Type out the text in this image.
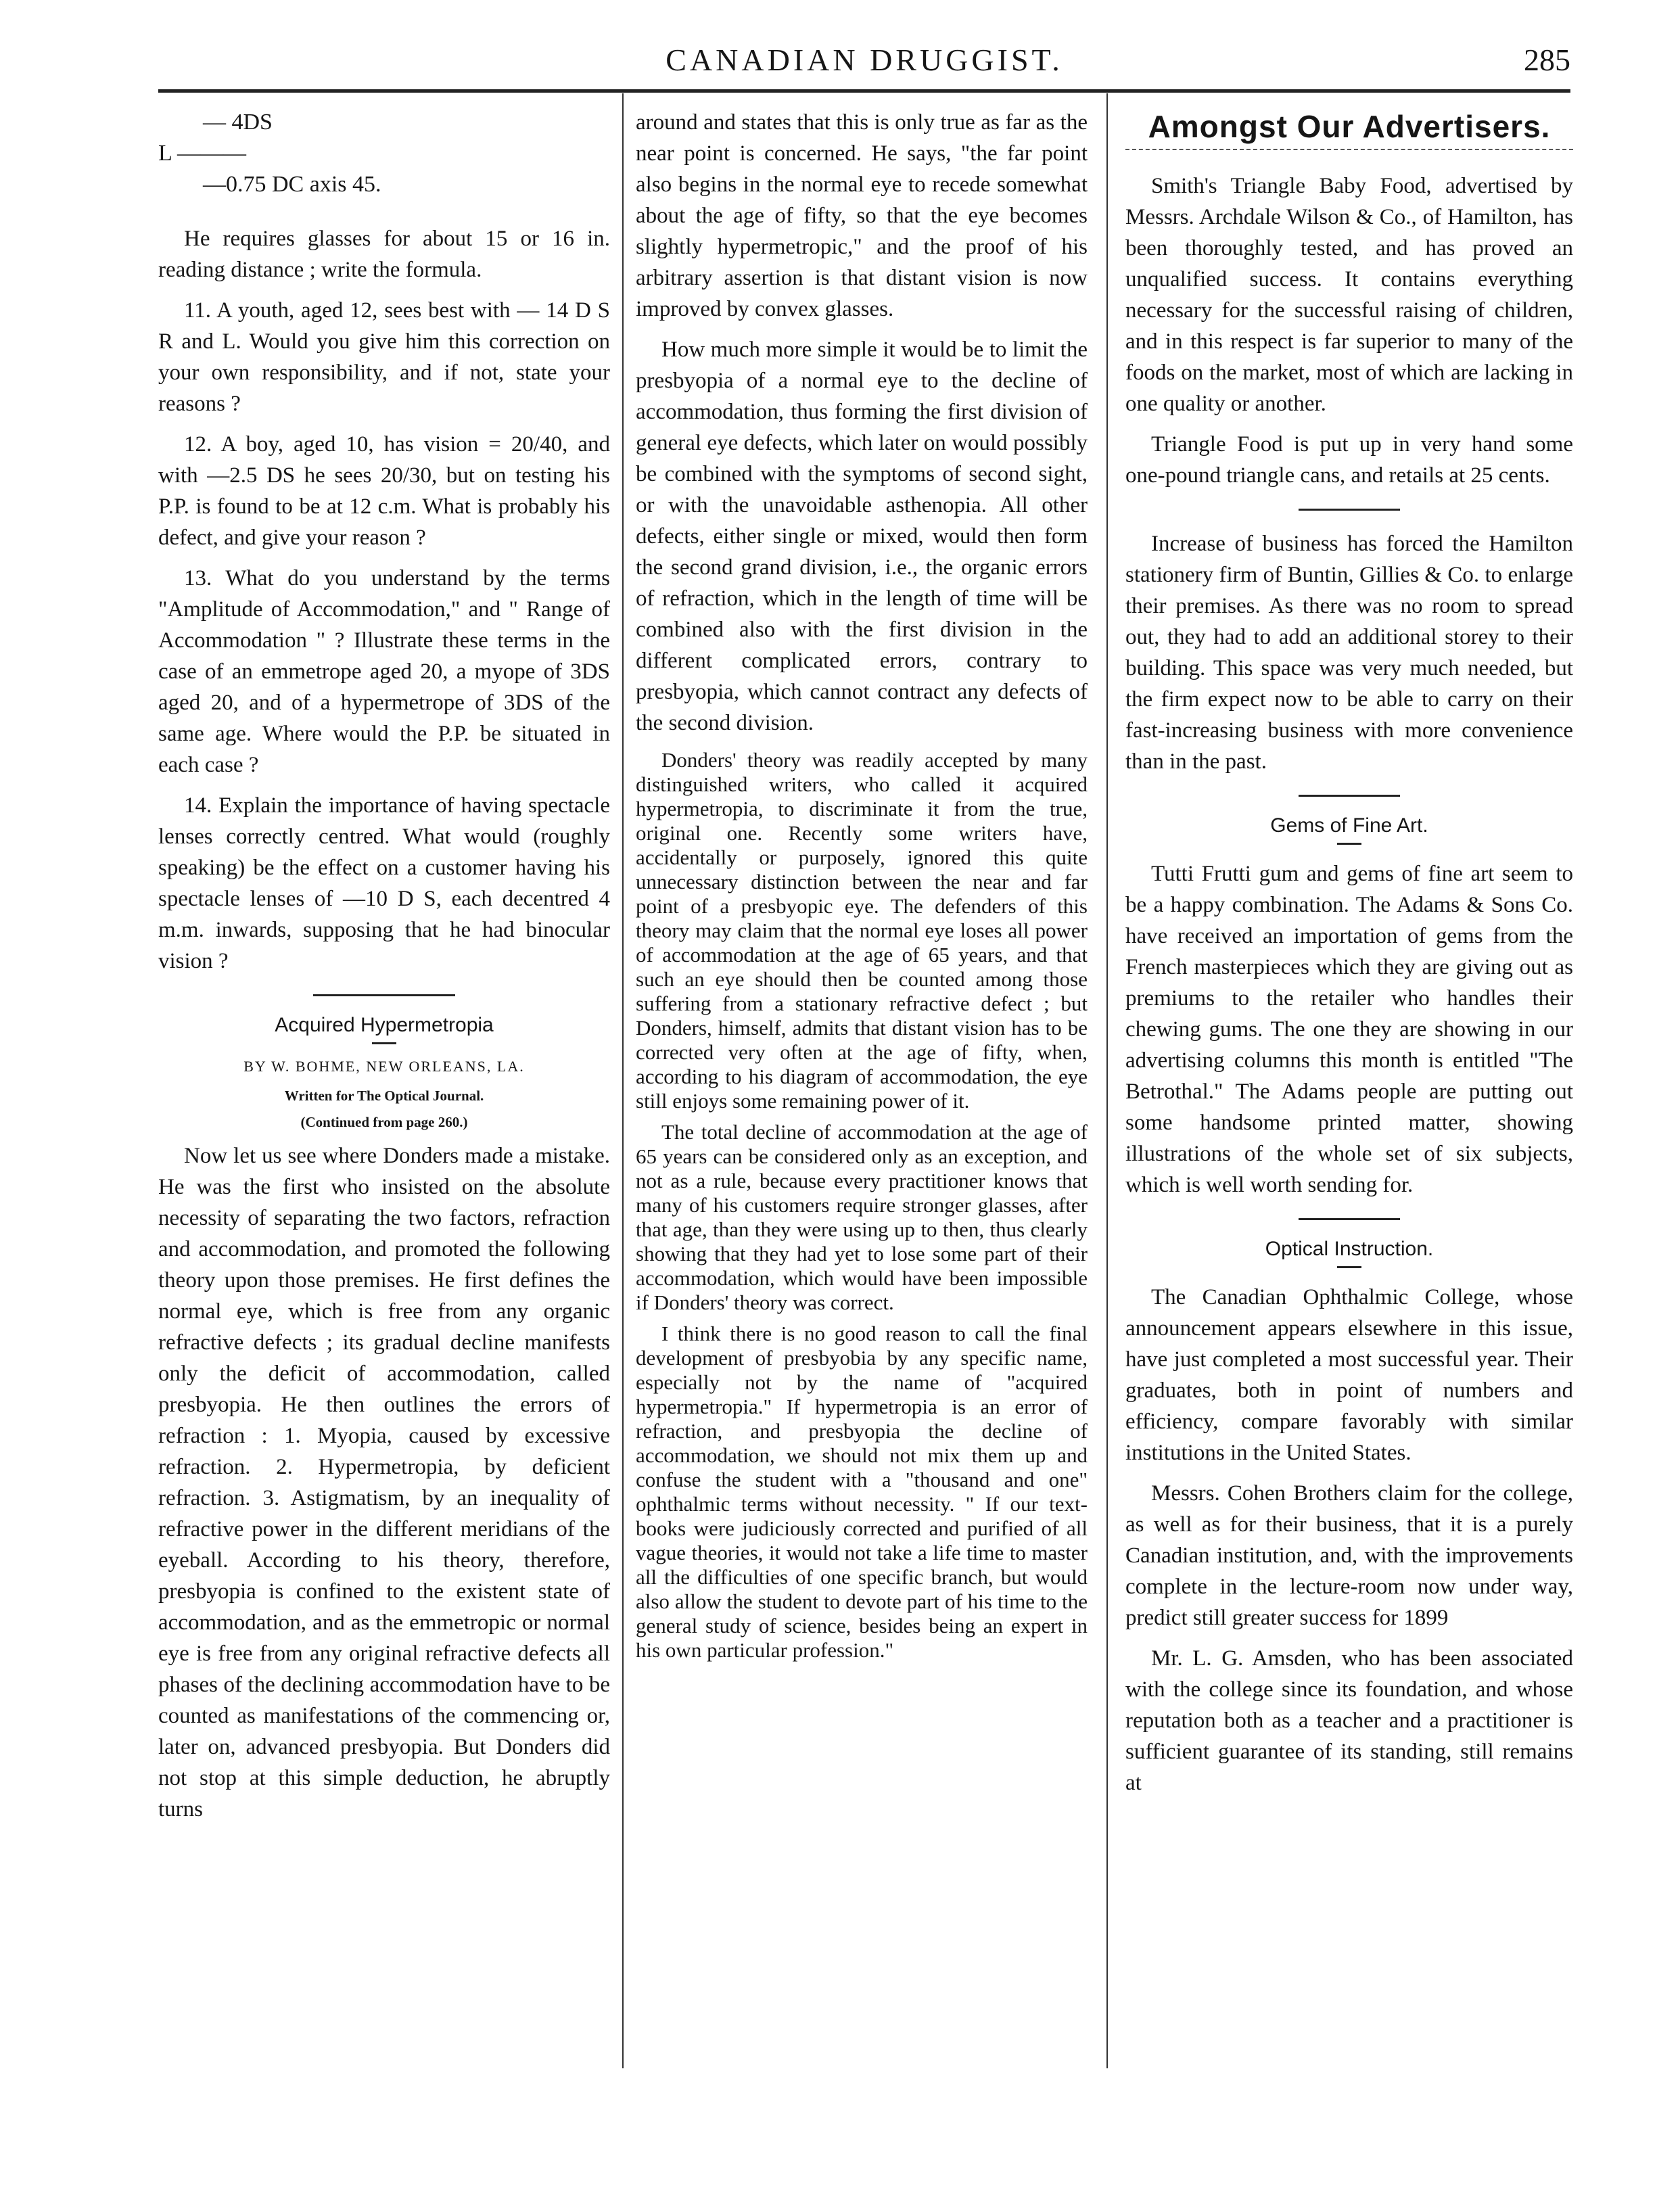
CANADIAN DRUGGIST.	285
— 4DS
L ———
—0.75 DC axis 45.

He requires glasses for about 15 or 16 in. reading distance ; write the formula.

11. A youth, aged 12, sees best with — 14 D S R and L. Would you give him this correction on your own responsibility, and if not, state your reasons ?

12. A boy, aged 10, has vision = 20/40, and with —2.5 DS he sees 20/30, but on testing his P.P. is found to be at 12 c.m. What is probably his defect, and give your reason ?

13. What do you understand by the terms "Amplitude of Accommodation," and " Range of Accommodation " ? Illustrate these terms in the case of an emmetrope aged 20, a myope of 3DS aged 20, and of a hypermetrope of 3DS of the same age. Where would the P.P. be situated in each case ?

14. Explain the importance of having spectacle lenses correctly centred. What would (roughly speaking) be the effect on a customer having his spectacle lenses of —10 D S, each decentred 4 m.m. inwards, supposing that he had binocular vision ?

Acquired Hypermetropia
BY W. BOHME, NEW ORLEANS, LA.
Written for The Optical Journal.
(Continued from page 260.)

Now let us see where Donders made a mistake. He was the first who insisted on the absolute necessity of separating the two factors, refraction and accommodation, and promoted the following theory upon those premises. He first defines the normal eye, which is free from any organic refractive defects ; its gradual decline manifests only the deficit of accommodation, called presbyopia. He then outlines the errors of refraction : 1. Myopia, caused by excessive refraction. 2. Hypermetropia, by deficient refraction. 3. Astigmatism, by an inequality of refractive power in the different meridians of the eyeball. According to his theory, therefore, presbyopia is confined to the existent state of accommodation, and as the emmetropic or normal eye is free from any original refractive defects all phases of the declining accommodation have to be counted as manifestations of the commencing or, later on, advanced presbyopia. But Donders did not stop at this simple deduction, he abruptly turns

around and states that this is only true as far as the near point is concerned. He says, "the far point also begins in the normal eye to recede somewhat about the age of fifty, so that the eye becomes slightly hypermetropic," and the proof of his arbitrary assertion is that distant vision is now improved by convex glasses.

How much more simple it would be to limit the presbyopia of a normal eye to the decline of accommodation, thus forming the first division of general eye defects, which later on would possibly be combined with the symptoms of second sight, or with the unavoidable asthenopia. All other defects, either single or mixed, would then form the second grand division, i.e., the organic errors of refraction, which in the length of time will be combined also with the first division in the different complicated errors, contrary to presbyopia, which cannot contract any defects of the second division.

Donders' theory was readily accepted by many distinguished writers, who called it acquired hypermetropia, to discriminate it from the true, original one. Recently some writers have, accidentally or purposely, ignored this quite unnecessary distinction between the near and far point of a presbyopic eye. The defenders of this theory may claim that the normal eye loses all power of accommodation at the age of 65 years, and that such an eye should then be counted among those suffering from a stationary refractive defect ; but Donders, himself, admits that distant vision has to be corrected very often at the age of fifty, when, according to his diagram of accommodation, the eye still enjoys some remaining power of it.

The total decline of accommodation at the age of 65 years can be considered only as an exception, and not as a rule, because every practitioner knows that many of his customers require stronger glasses, after that age, than they were using up to then, thus clearly showing that they had yet to lose some part of their accommodation, which would have been impossible if Donders' theory was correct.

I think there is no good reason to call the final development of presbyobia by any specific name, especially not by the name of "acquired hypermetropia." If hypermetropia is an error of refraction, and presbyopia the decline of accommodation, we should not mix them up and confuse the student with a "thousand and one" ophthalmic terms without necessity. " If our text-books were judiciously corrected and purified of all vague theories, it would not take a life time to master all the difficulties of one specific branch, but would also allow the student to devote part of his time to the general study of science, besides being an expert in his own particular profession."

Amongst Our Advertisers.

Smith's Triangle Baby Food, advertised by Messrs. Archdale Wilson & Co., of Hamilton, has been thoroughly tested, and has proved an unqualified success. It contains everything necessary for the successful raising of children, and in this respect is far superior to many of the foods on the market, most of which are lacking in one quality or another.

Triangle Food is put up in very hand some one-pound triangle cans, and retails at 25 cents.

Increase of business has forced the Hamilton stationery firm of Buntin, Gillies & Co. to enlarge their premises. As there was no room to spread out, they had to add an additional storey to their building. This space was very much needed, but the firm expect now to be able to carry on their fast-increasing business with more convenience than in the past.

Gems of Fine Art.

Tutti Frutti gum and gems of fine art seem to be a happy combination. The Adams & Sons Co. have received an importation of gems from the French masterpieces which they are giving out as premiums to the retailer who handles their chewing gums. The one they are showing in our advertising columns this month is entitled "The Betrothal." The Adams people are putting out some handsome printed matter, showing illustrations of the whole set of six subjects, which is well worth sending for.

Optical Instruction.

The Canadian Ophthalmic College, whose announcement appears elsewhere in this issue, have just completed a most successful year. Their graduates, both in point of numbers and efficiency, compare favorably with similar institutions in the United States.

Messrs. Cohen Brothers claim for the college, as well as for their business, that it is a purely Canadian institution, and, with the improvements complete in the lecture-room now under way, predict still greater success for 1899

Mr. L. G. Amsden, who has been associated with the college since its foundation, and whose reputation both as a teacher and a practitioner is sufficient guarantee of its standing, still remains at
